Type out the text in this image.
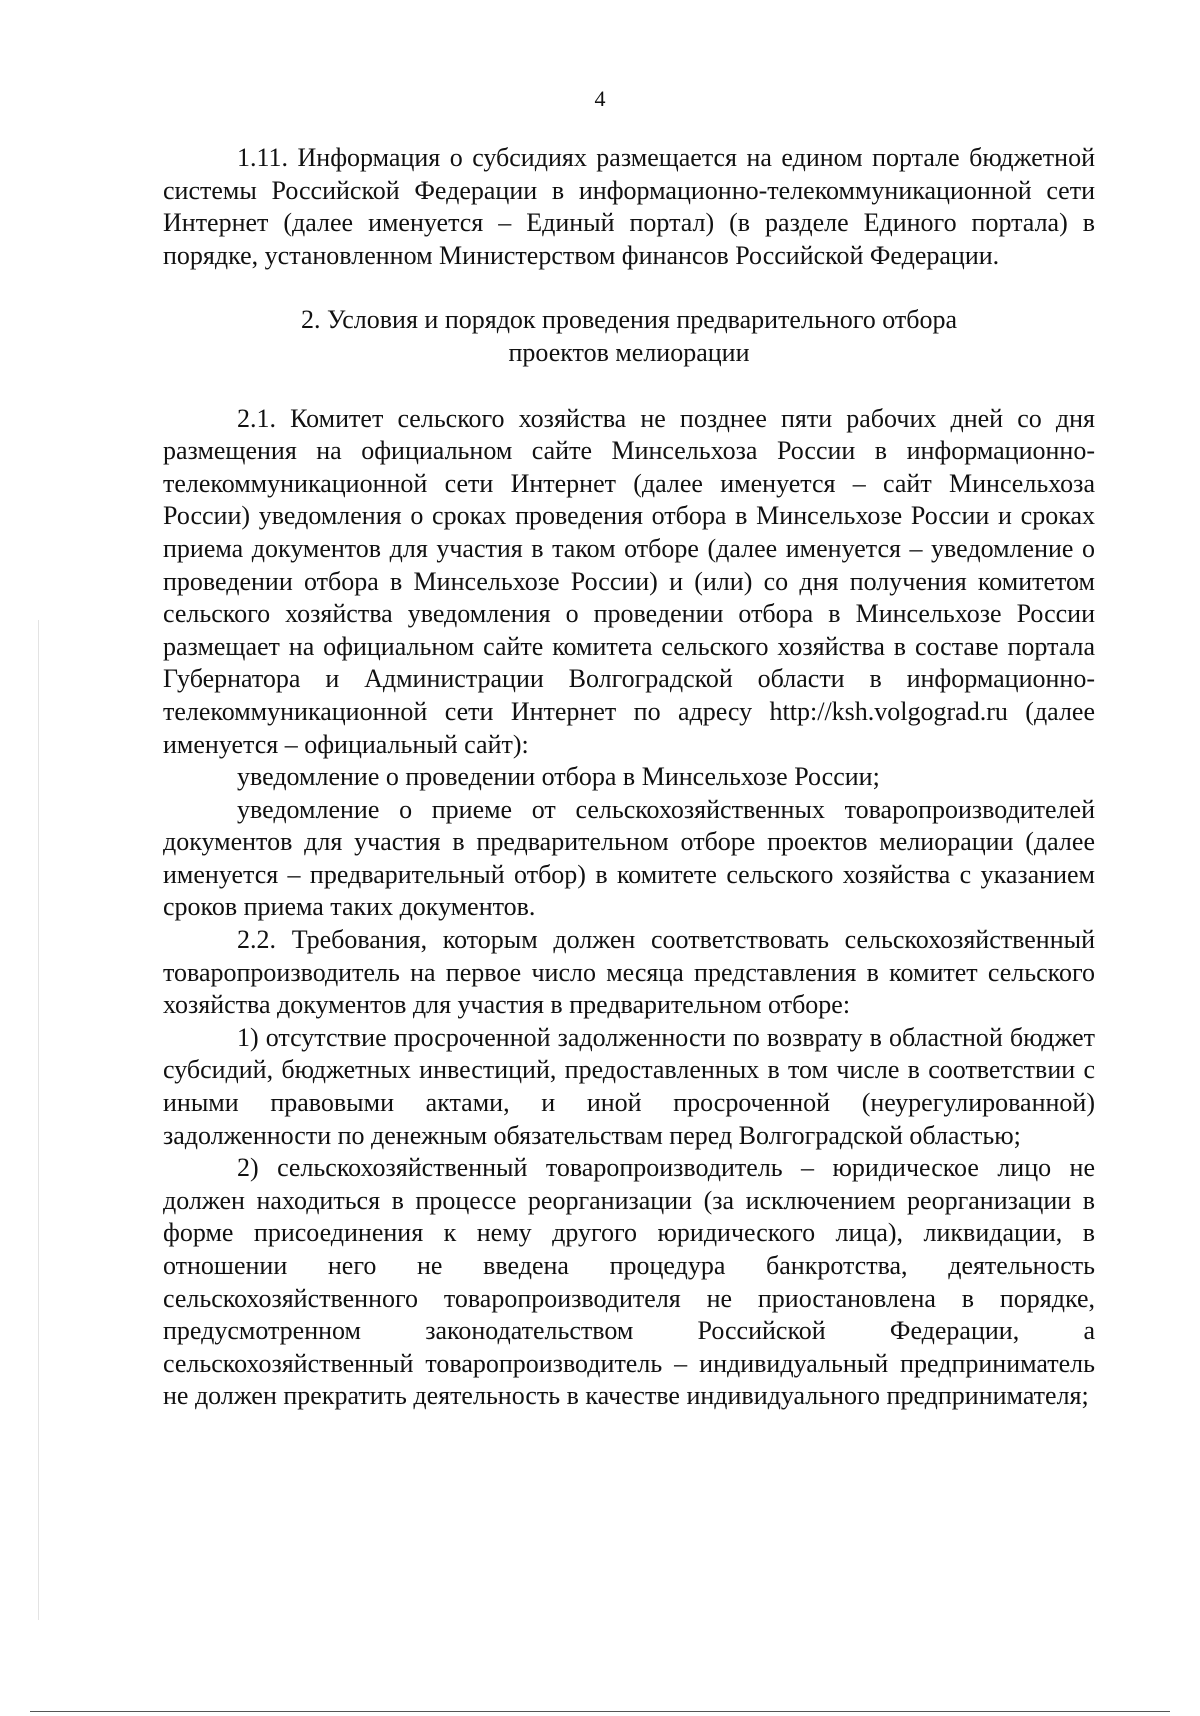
4

1.11. Информация о субсидиях размещается на едином портале бюджетной системы Российской Федерации в информационно-телекоммуникационной сети Интернет (далее именуется – Единый портал) (в разделе Единого портала) в порядке, установленном Министерством финансов Российской Федерации.

2. Условия и порядок проведения предварительного отбора
проектов мелиорации

2.1. Комитет сельского хозяйства не позднее пяти рабочих дней со дня размещения на официальном сайте Минсельхоза России в информационно-телекоммуникационной сети Интернет (далее именуется – сайт Минсельхоза России) уведомления о сроках проведения отбора в Минсельхозе России и сроках приема документов для участия в таком отборе (далее именуется – уведомление о проведении отбора в Минсельхозе России) и (или) со дня получения комитетом сельского хозяйства уведомления о проведении отбора в Минсельхозе России размещает на официальном сайте комитета сельского хозяйства в составе портала Губернатора и Администрации Волгоградской области в информационно-телекоммуникационной сети Интернет по адресу http://ksh.volgograd.ru (далее именуется – официальный сайт):

уведомление о проведении отбора в Минсельхозе России;

уведомление о приеме от сельскохозяйственных товаропроизводителей документов для участия в предварительном отборе проектов мелиорации (далее именуется – предварительный отбор) в комитете сельского хозяйства с указанием сроков приема таких документов.

2.2. Требования, которым должен соответствовать сельскохозяйственный товаропроизводитель на первое число месяца представления в комитет сельского хозяйства документов для участия в предварительном отборе:

1) отсутствие просроченной задолженности по возврату в областной бюджет субсидий, бюджетных инвестиций, предоставленных в том числе в соответствии с иными правовыми актами, и иной просроченной (неурегулированной) задолженности по денежным обязательствам перед Волгоградской областью;

2) сельскохозяйственный товаропроизводитель – юридическое лицо не должен находиться в процессе реорганизации (за исключением реорганизации в форме присоединения к нему другого юридического лица), ликвидации, в отношении него не введена процедура банкротства, деятельность сельскохозяйственного товаропроизводителя не приостановлена в порядке, предусмотренном законодательством Российской Федерации, а сельскохозяйственный товаропроизводитель – индивидуальный предприниматель не должен прекратить деятельность в качестве индивидуального предпринимателя;
